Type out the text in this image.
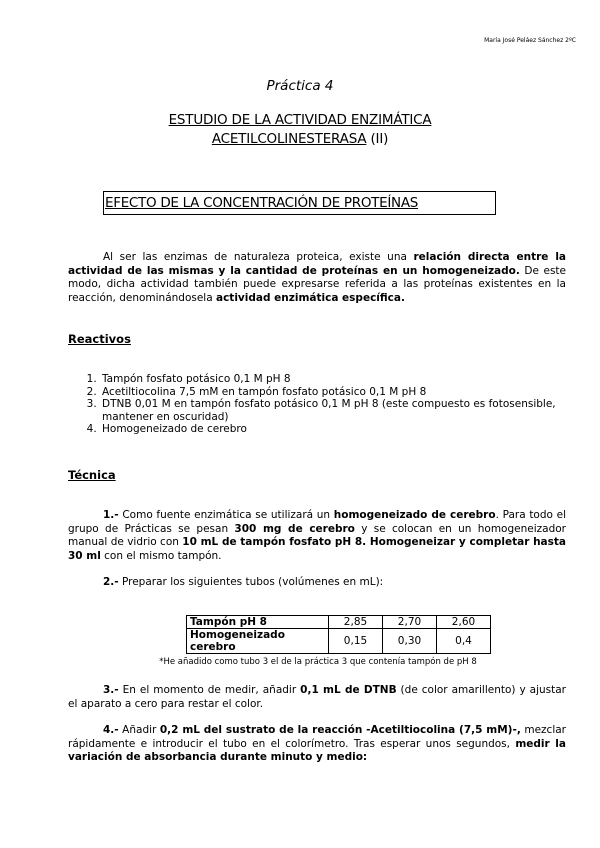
María José Peláez Sánchez 2ºC
Práctica 4
ESTUDIO DE LA ACTIVIDAD ENZIMÁTICA
ACETILCOLINESTERASA (II)
EFECTO DE LA CONCENTRACIÓN DE PROTEÍNAS
Al ser las enzimas de naturaleza proteica, existe una relación directa entre la actividad de las mismas y la cantidad de proteínas en un homogeneizado. De este modo, dicha actividad también puede expresarse referida a las proteínas existentes en la reacción, denominándosela actividad enzimática específica.
Reactivos
1. Tampón fosfato potásico 0,1 M pH 8
2. Acetiltiocolina 7,5 mM en tampón fosfato potásico 0,1 M pH 8
3. DTNB 0,01 M en tampón fosfato potásico 0,1 M pH 8 (este compuesto es fotosensible, mantener en oscuridad)
4. Homogeneizado de cerebro
Técnica
1.- Como fuente enzimática se utilizará un homogeneizado de cerebro. Para todo el grupo de Prácticas se pesan 300 mg de cerebro y se colocan en un homogeneizador manual de vidrio con 10 mL de tampón fosfato pH 8. Homogeneizar y completar hasta 30 ml con el mismo tampón.
2.- Preparar los siguientes tubos (volúmenes en mL):
Tampón pH 8	2,85	2,70	2,60
Homogeneizado cerebro	0,15	0,30	0,4
*He añadido como tubo 3 el de la práctica 3 que contenía tampón de pH 8
3.- En el momento de medir, añadir 0,1 mL de DTNB (de color amarillento) y ajustar el aparato a cero para restar el color.
4.- Añadir 0,2 mL del sustrato de la reacción -Acetiltiocolina (7,5 mM)-, mezclar rápidamente e introducir el tubo en el colorímetro. Tras esperar unos segundos, medir la variación de absorbancia durante minuto y medio:
